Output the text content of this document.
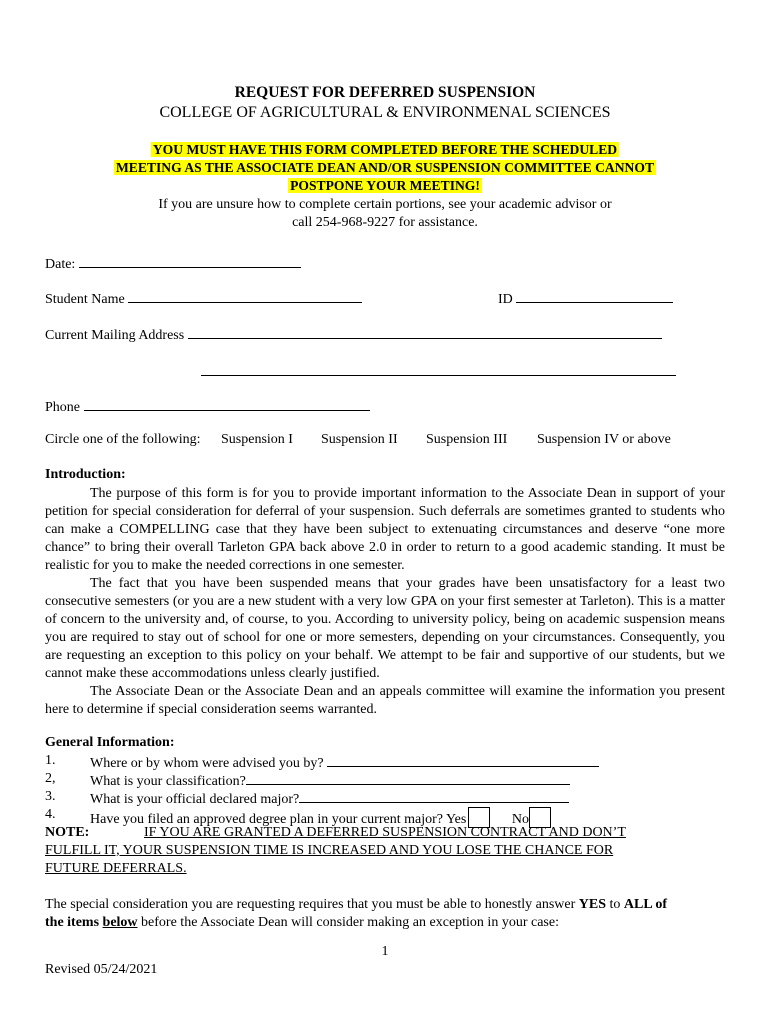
REQUEST FOR DEFERRED SUSPENSION
COLLEGE OF AGRICULTURAL & ENVIRONMENAL SCIENCES
YOU MUST HAVE THIS FORM COMPLETED BEFORE THE SCHEDULED
MEETING AS THE ASSOCIATE DEAN AND/OR SUSPENSION COMMITTEE CANNOT
POSTPONE YOUR MEETING!
If you are unsure how to complete certain portions, see your academic advisor or
call 254-968-9227 for assistance.
Date:
Student Name	ID
Current Mailing Address
Phone
Circle one of the following: Suspension I Suspension II Suspension III Suspension IV or above
Introduction:

The purpose of this form is for you to provide important information to the Associate Dean in support of your petition for special consideration for deferral of your suspension. Such deferrals are sometimes granted to students who can make a COMPELLING case that they have been subject to extenuating circumstances and deserve “one more chance” to bring their overall Tarleton GPA back above 2.0 in order to return to a good academic standing. It must be realistic for you to make the needed corrections in one semester.

The fact that you have been suspended means that your grades have been unsatisfactory for a least two consecutive semesters (or you are a new student with a very low GPA on your first semester at Tarleton). This is a matter of concern to the university and, of course, to you. According to university policy, being on academic suspension means you are required to stay out of school for one or more semesters, depending on your circumstances. Consequently, you are requesting an exception to this policy on your behalf. We attempt to be fair and supportive of our students, but we cannot make these accommodations unless clearly justified.

The Associate Dean or the Associate Dean and an appeals committee will examine the information you present here to determine if special consideration seems warranted.

General Information:
1. Where or by whom were advised you by?
2, What is your classification?
3. What is your official declared major?
4. Have you filed an approved degree plan in your current major? Yes	No
NOTE:	IF YOU ARE GRANTED A DEFERRED SUSPENSION CONTRACT AND DON’T
FULFILL IT, YOUR SUSPENSION TIME IS INCREASED AND YOU LOSE THE CHANCE FOR
FUTURE DEFERRALS.
The special consideration you are requesting requires that you must be able to honestly answer YES to ALL of
the items below before the Associate Dean will consider making an exception in your case:
1
Revised 05/24/2021
